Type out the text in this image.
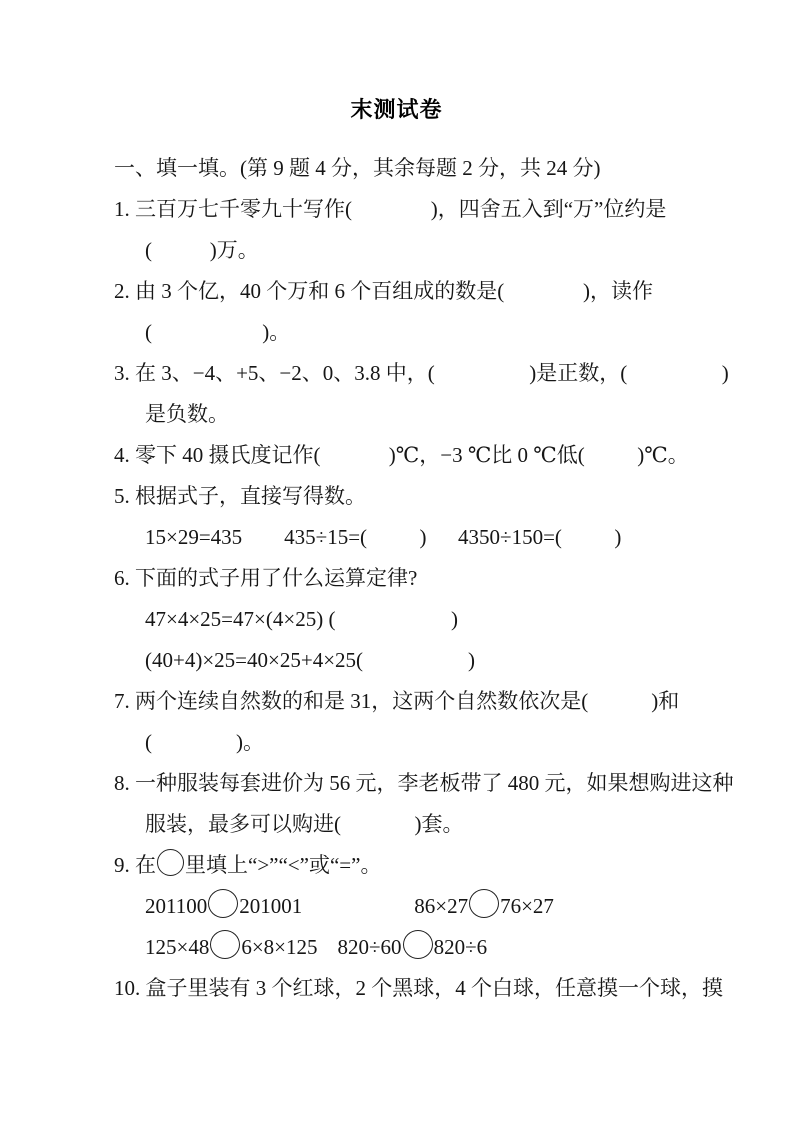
末测试卷
一、填一填。(第 9 题 4 分，其余每题 2 分，共 24 分)
1. 三百万七千零九十写作(               )，四舍五入到“万”位约是
(           )万。
2. 由 3 个亿，40 个万和 6 个百组成的数是(               )，读作
(                     )。
3. 在 3、−4、+5、−2、0、3.8 中，(                  )是正数，(                  )
是负数。
4. 零下 40 摄氏度记作(             )℃，−3 ℃比 0 ℃低(          )℃。
5. 根据式子，直接写得数。
15×29=435        435÷15=(          )      4350÷150=(          )
6. 下面的式子用了什么运算定律?
47×4×25=47×(4×25) (                      )
(40+4)×25=40×25+4×25(                    )
7. 两个连续自然数的和是 31，这两个自然数依次是(            )和
(                )。
8. 一种服装每套进价为 56 元，李老板带了 480 元，如果想购进这种
服装，最多可以购进(              )套。
9. 在 里填上“>”“<”或“=”。
201100 201001	86×27 76×27
125×48 6×8×125 820÷60 820÷6
10. 盒子里装有 3 个红球，2 个黑球，4 个白球，任意摸一个球，摸
